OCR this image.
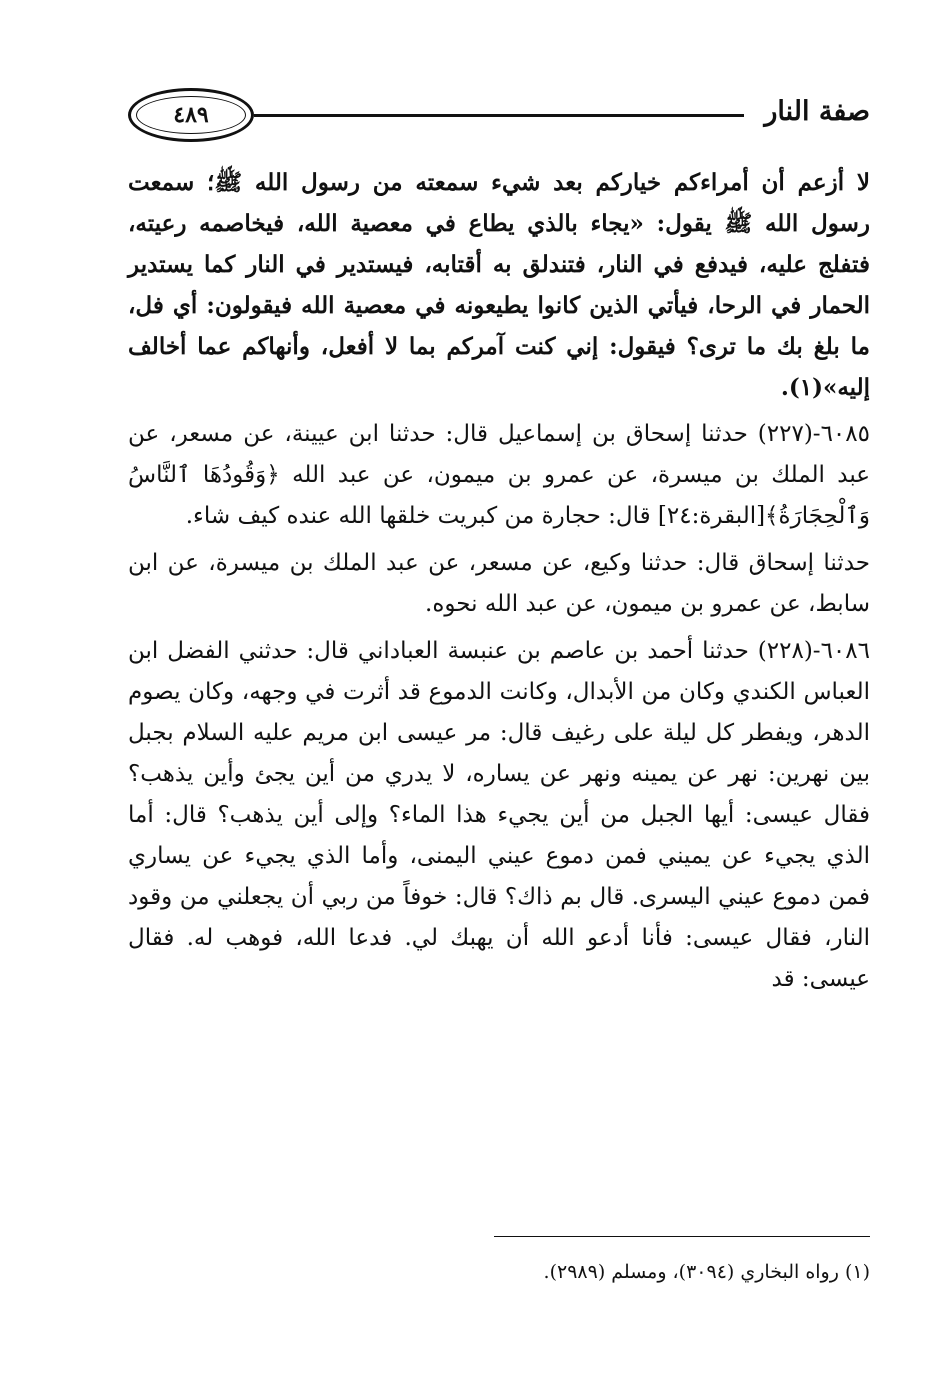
٤٨٩	صفة النار

لا أزعم أن أمراءكم خياركم بعد شيء سمعته من رسول الله ﷺ؛ سمعت رسول الله ﷺ يقول: «يجاء بالذي يطاع في معصية الله، فيخاصمه رعيته، فتفلج عليه، فيدفع في النار، فتندلق به أقتابه، فيستدير في النار كما يستدير الحمار في الرحا، فيأتي الذين كانوا يطيعونه في معصية الله فيقولون: أي فل، ما بلغ بك ما ترى؟ فيقول: إني كنت آمركم بما لا أفعل، وأنهاكم عما أخالف إليه»(١).

٦٠٨٥-(٢٢٧) حدثنا إسحاق بن إسماعيل قال: حدثنا ابن عيينة، عن مسعر، عن عبد الملك بن ميسرة، عن عمرو بن ميمون، عن عبد الله ﴿وَقُودُهَا ٱلنَّاسُ وَٱلْحِجَارَةُ﴾[البقرة:٢٤] قال: حجارة من كبريت خلقها الله عنده كيف شاء.

حدثنا إسحاق قال: حدثنا وكيع، عن مسعر، عن عبد الملك بن ميسرة، عن ابن سابط، عن عمرو بن ميمون، عن عبد الله نحوه.

٦٠٨٦-(٢٢٨) حدثنا أحمد بن عاصم بن عنبسة العباداني قال: حدثني الفضل ابن العباس الكندي وكان من الأبدال، وكانت الدموع قد أثرت في وجهه، وكان يصوم الدهر، ويفطر كل ليلة على رغيف قال: مر عيسى ابن مريم عليه السلام بجبل بين نهرين: نهر عن يمينه ونهر عن يساره، لا يدري من أين يجئ وأين يذهب؟ فقال عيسى: أيها الجبل من أين يجيء هذا الماء؟ وإلى أين يذهب؟ قال: أما الذي يجيء عن يميني فمن دموع عيني اليمنى، وأما الذي يجيء عن يساري فمن دموع عيني اليسرى. قال بم ذاك؟ قال: خوفاً من ربي أن يجعلني من وقود النار، فقال عيسى: فأنا أدعو الله أن يهبك لي. فدعا الله، فوهب له. فقال عيسى: قد

(١) رواه البخاري (٣٠٩٤)، ومسلم (٢٩٨٩).
